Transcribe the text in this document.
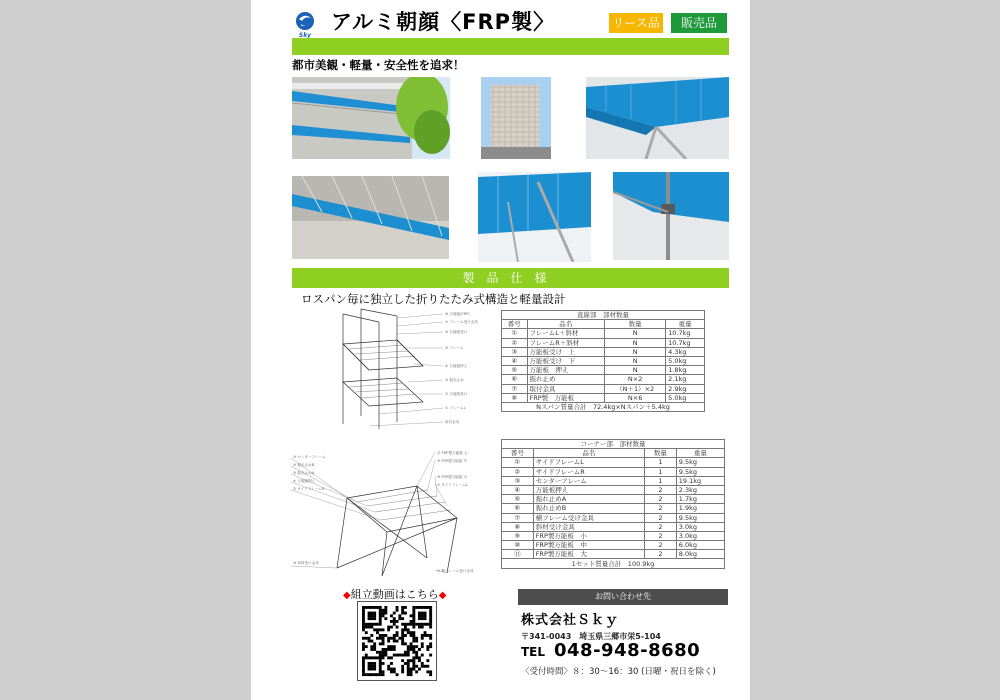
Sky
アルミ朝顔〈FRP製〉	リース品	販売品
都市美観・軽量・安全性を追求！
製品仕様
ロスパン毎に独立した折りたたみ式構造と軽量設計
⑧ 万能板(FRP)
⑦ フレーム受け金具
⑥ 万能板受け
⑤ フレーム
④ 万能板押え
③ 振れ止め
② 万能板受け
① フレームL
取付金具
直線部　部材数量			
番号	品名	数量	重量
①	フレームL＋斜材	N	10.7kg
②	フレームR＋斜材	N	10.7kg
③	万能板受け　上	N	4.3kg
④	万能板受け　下	N	5.0kg
⑤	万能板　押え	N	1.8kg
⑥	振れ止め	N×2	2.1kg
⑦	取付金具	（N＋1）×2	2.9kg
⑧	FRP製　万能板	N×6	5.0kg
Nスパン質量合計　72.4kg×Nスパン＋5.4kg			
③ センターフレーム
⑥ 振れ止めB
⑤ 振れ止めA
④ 万能板押え
② サイドフレームR
⑪ FRP製万能板 大
⑩ FRP製万能板 中
⑨ FRP製万能板 小
① サイドフレームL
⑦ 横フレーム受け金具
⑧ 斜材受け金具
コーナー部　部材数量			
番号	品名	数量	重量
①	サイドフレームL	1	9.5kg
②	サイドフレームR	1	9.5kg
③	センターフレーム	1	19.1kg
④	万能板押え	2	2.3kg
⑤	振れ止めA	2	1.7kg
⑥	振れ止めB	2	1.9kg
⑦	横フレーム受け金具	2	9.5kg
⑧	斜材受け金具	2	3.0kg
⑨	FRP製万能板　小	2	3.0kg
⑩	FRP製万能板　中	2	6.0kg
⑪	FRP製万能板　大	2	8.0kg
1セット質量合計　100.9kg			
◆組立動画はこちら◆	お問い合わせ先
株式会社Ｓｋｙ
〒341-0043　埼玉県三郷市栄5-104
TEL 048-948-8680
〈受付時間〉８：30〜16：30 (日曜・祝日を除く)
